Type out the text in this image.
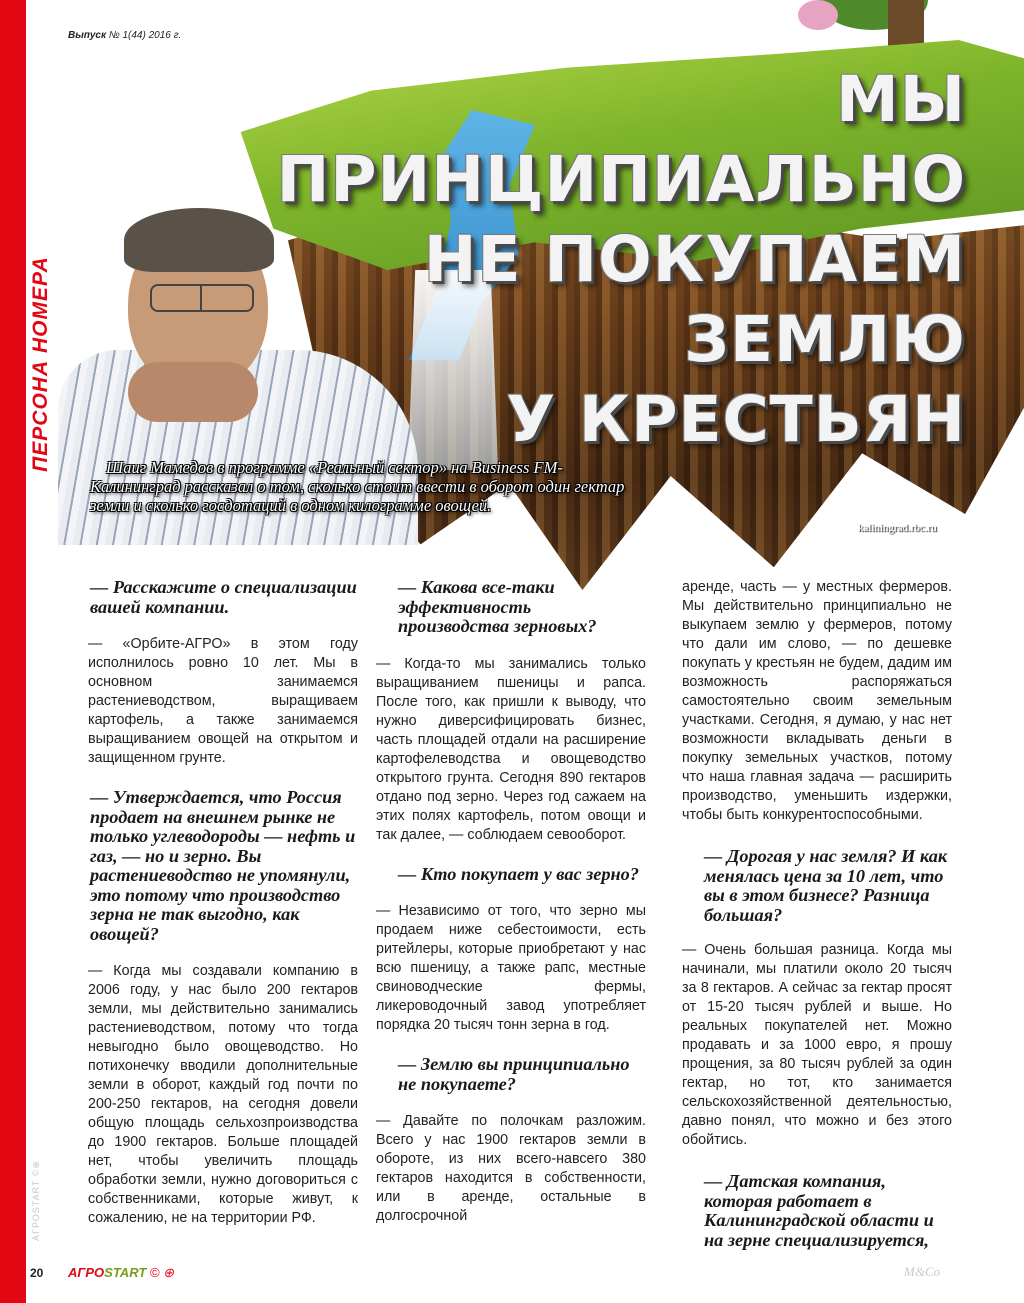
ПЕРСОНА НОМЕРА
Выпуск № 1(44) 2016 г.
МЫ ПРИНЦИПИАЛЬНО
НЕ ПОКУПАЕМ ЗЕМЛЮ
У КРЕСТЬЯН

Шаиг Мамедов в программе «Реальный сектор» на Business FM-Калининград рассказал о том, сколько стоит ввести в оборот один гектар земли и сколько госдотаций в одном килограмме овощей.

kaliningrad.rbc.ru
— Расскажите о специализации вашей компании.

— «Орбите-АГРО» в этом году исполнилось ровно 10 лет. Мы в основном занимаемся растениеводством, выращиваем картофель, а также занимаемся выращиванием овощей на открытом и защищенном грунте.

— Утверждается, что Россия продает на внешнем рынке не только углеводороды — нефть и газ, — но и зерно. Вы растениеводство не упомянули, это потому что производство зерна не так выгодно, как овощей?

— Когда мы создавали компанию в 2006 году, у нас было 200 гектаров земли, мы действительно занимались растениеводством, потому что тогда невыгодно было овощеводство. Но потихонечку вводили дополнительные земли в оборот, каждый год почти по 200-250 гектаров, на сегодня довели общую площадь сельхозпроизводства до 1900 гектаров. Больше площадей нет, чтобы увеличить площадь обработки земли, нужно договориться с собственниками, которые живут, к сожалению, не на территории РФ.

— Какова все-таки эффективность производства зерновых?

— Когда-то мы занимались только выращиванием пшеницы и рапса. После того, как пришли к выводу, что нужно диверсифицировать бизнес, часть площадей отдали на расширение картофелеводства и овощеводство открытого грунта. Сегодня 890 гектаров отдано под зерно. Через год сажаем на этих полях картофель, потом овощи и так далее, — соблюдаем севооборот.

— Кто покупает у вас зерно?

— Независимо от того, что зерно мы продаем ниже себестоимости, есть ритейлеры, которые приобретают у нас всю пшеницу, а также рапс, местные свиноводческие фермы, ликероводочный завод употребляет порядка 20 тысяч тонн зерна в год.

— Землю вы принципиально не покупаете?

— Давайте по полочкам разложим. Всего у нас 1900 гектаров земли в обороте, из них всего-навсего 380 гектаров находится в собственности, или в аренде, остальные в долгосрочной

аренде, часть — у местных фермеров. Мы действительно принципиально не выкупаем землю у фермеров, потому что дали им слово, — по дешевке покупать у крестьян не будем, дадим им возможность распоряжаться самостоятельно своим земельным участками. Сегодня, я думаю, у нас нет возможности вкладывать деньги в покупку земельных участков, потому что наша главная задача — расширить производство, уменьшить издержки, чтобы быть конкурентоспособными.

— Дорогая у нас земля? И как менялась цена за 10 лет, что вы в этом бизнесе? Разница большая?

— Очень большая разница. Когда мы начинали, мы платили около 20 тысяч за 8 гектаров. А сейчас за гектар просят от 15-20 тысяч рублей и выше. Но реальных покупателей нет. Можно продавать и за 1000 евро, я прошу прощения, за 80 тысяч рублей за один гектар, но тот, кто занимается сельскохозяйственной деятельностью, давно понял, что можно и без этого обойтись.

— Датская компания, которая работает в Калининградской области и на зерне специализируется,
АГРОSTART ©⊕
20 АГРОSTART © ⊕	M&Co
